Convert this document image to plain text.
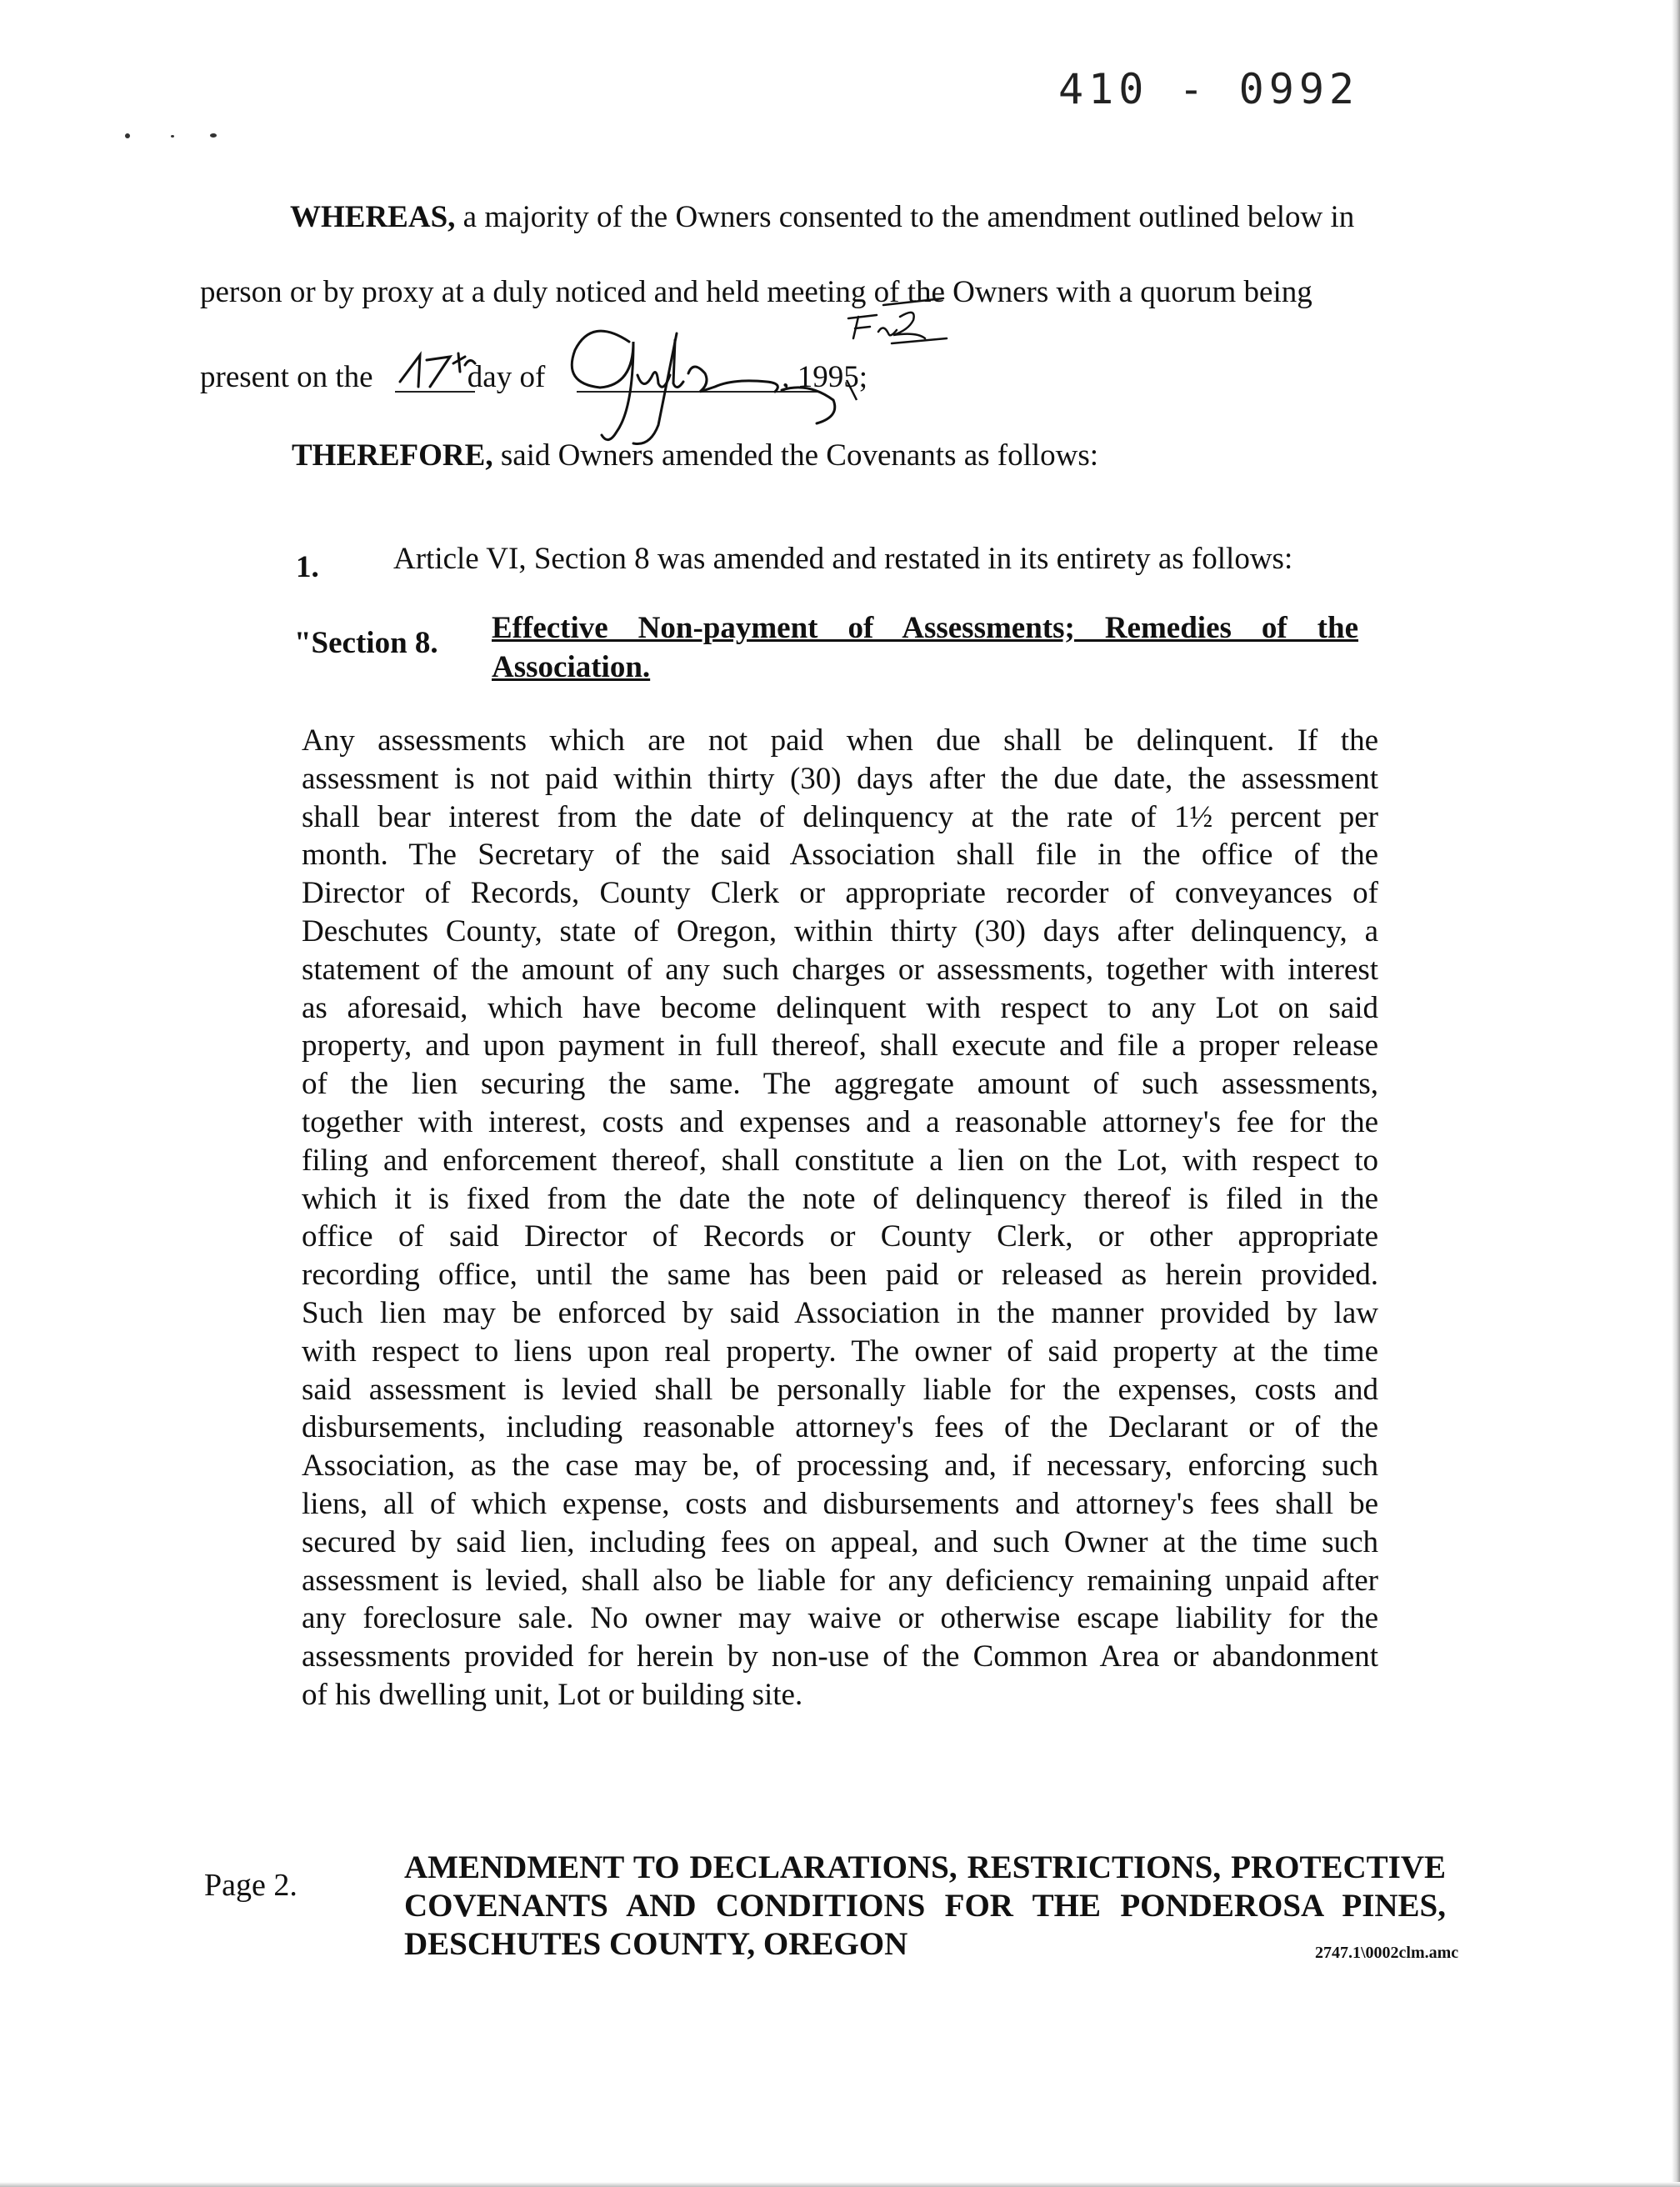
410 - 0992
WHEREAS, a majority of the Owners consented to the amendment outlined below in
person or by proxy at a duly noticed and held meeting of the Owners with a quorum being
present on the	day of	, 1995;
THEREFORE, said Owners amended the Covenants as follows:
1. Article VI, Section 8 was amended and restated in its entirety as follows:
"Section 8. Effective Non-payment of Assessments; Remedies of the
Association.
Any assessments which are not paid when due shall be delinquent. If the
assessment is not paid within thirty (30) days after the due date, the assessment
shall bear interest from the date of delinquency at the rate of 1½ percent per
month. The Secretary of the said Association shall file in the office of the
Director of Records, County Clerk or appropriate recorder of conveyances of
Deschutes County, state of Oregon, within thirty (30) days after delinquency, a
statement of the amount of any such charges or assessments, together with interest
as aforesaid, which have become delinquent with respect to any Lot on said
property, and upon payment in full thereof, shall execute and file a proper release
of the lien securing the same. The aggregate amount of such assessments,
together with interest, costs and expenses and a reasonable attorney's fee for the
filing and enforcement thereof, shall constitute a lien on the Lot, with respect to
which it is fixed from the date the note of delinquency thereof is filed in the
office of said Director of Records or County Clerk, or other appropriate
recording office, until the same has been paid or released as herein provided.
Such lien may be enforced by said Association in the manner provided by law
with respect to liens upon real property. The owner of said property at the time
said assessment is levied shall be personally liable for the expenses, costs and
disbursements, including reasonable attorney's fees of the Declarant or of the
Association, as the case may be, of processing and, if necessary, enforcing such
liens, all of which expense, costs and disbursements and attorney's fees shall be
secured by said lien, including fees on appeal, and such Owner at the time such
assessment is levied, shall also be liable for any deficiency remaining unpaid after
any foreclosure sale. No owner may waive or otherwise escape liability for the
assessments provided for herein by non-use of the Common Area or abandonment
of his dwelling unit, Lot or building site.
Page 2.	AMENDMENT TO DECLARATIONS, RESTRICTIONS, PROTECTIVE
COVENANTS AND CONDITIONS FOR THE PONDEROSA PINES,
DESCHUTES COUNTY, OREGON	2747.1\0002clm.amc
